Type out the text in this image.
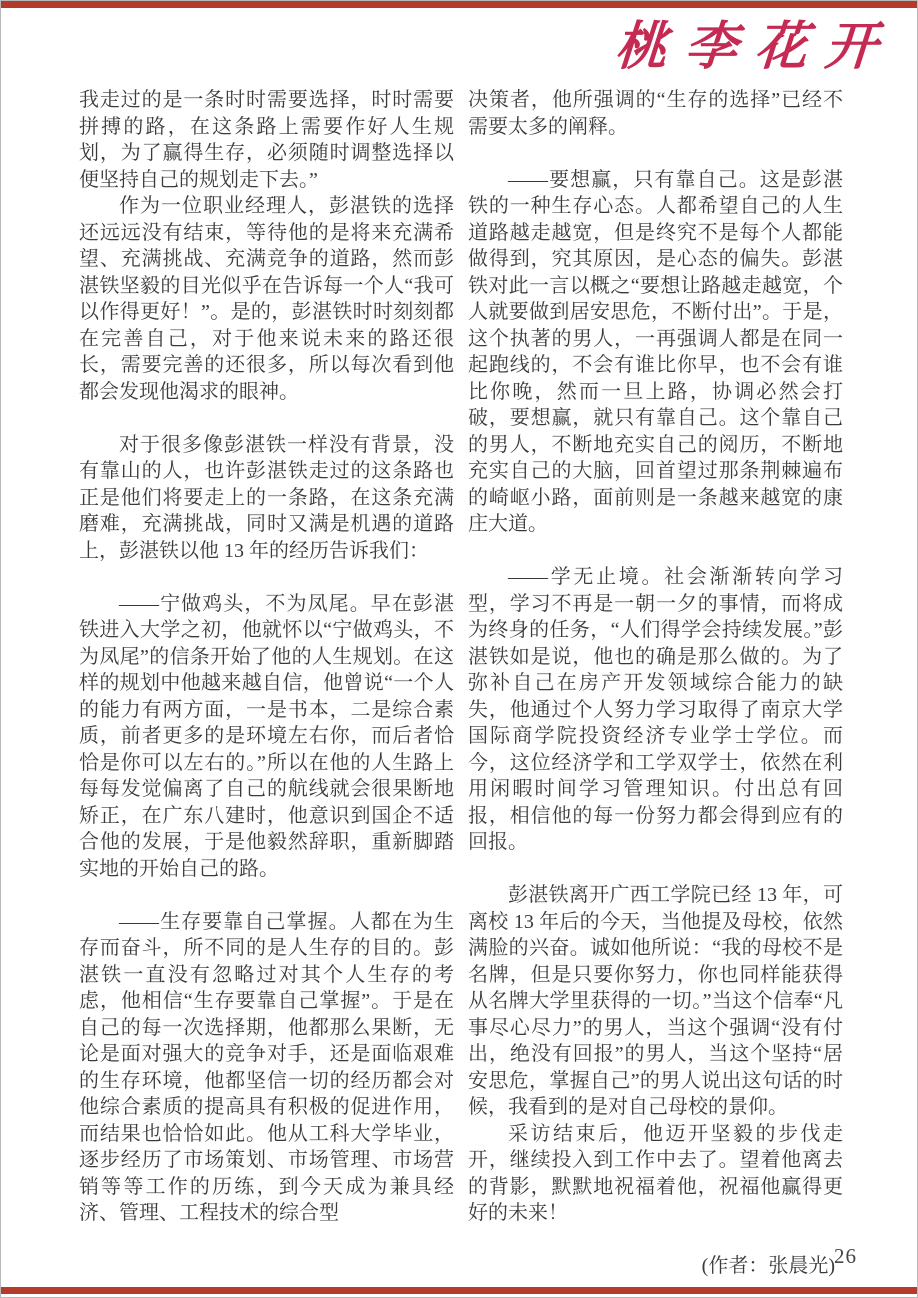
桃李花开

我走过的是一条时时需要选择，时时需要拼搏的路，在这条路上需要作好人生规划，为了赢得生存，必须随时调整选择以便坚持自己的规划走下去。”

作为一位职业经理人，彭湛铁的选择还远远没有结束，等待他的是将来充满希望、充满挑战、充满竞争的道路，然而彭湛铁坚毅的目光似乎在告诉每一个人“我可以作得更好！”。是的，彭湛铁时时刻刻都在完善自己，对于他来说未来的路还很长，需要完善的还很多，所以每次看到他都会发现他渴求的眼神。

对于很多像彭湛铁一样没有背景，没有靠山的人，也许彭湛铁走过的这条路也正是他们将要走上的一条路，在这条充满磨难，充满挑战，同时又满是机遇的道路上，彭湛铁以他 13 年的经历告诉我们：

——宁做鸡头，不为凤尾。早在彭湛铁进入大学之初，他就怀以“宁做鸡头，不为凤尾”的信条开始了他的人生规划。在这样的规划中他越来越自信，他曾说“一个人的能力有两方面，一是书本，二是综合素质，前者更多的是环境左右你，而后者恰恰是你可以左右的。”所以在他的人生路上每每发觉偏离了自己的航线就会很果断地矫正，在广东八建时，他意识到国企不适合他的发展，于是他毅然辞职，重新脚踏实地的开始自己的路。

——生存要靠自己掌握。人都在为生存而奋斗，所不同的是人生存的目的。彭湛铁一直没有忽略过对其个人生存的考虑，他相信“生存要靠自己掌握”。于是在自己的每一次选择期，他都那么果断，无论是面对强大的竞争对手，还是面临艰难的生存环境，他都坚信一切的经历都会对他综合素质的提高具有积极的促进作用，而结果也恰恰如此。他从工科大学毕业，逐步经历了市场策划、市场管理、市场营销等等工作的历练，到今天成为兼具经济、管理、工程技术的综合型

决策者，他所强调的“生存的选择”已经不需要太多的阐释。

——要想赢，只有靠自己。这是彭湛铁的一种生存心态。人都希望自己的人生道路越走越宽，但是终究不是每个人都能做得到，究其原因，是心态的偏失。彭湛铁对此一言以概之“要想让路越走越宽，个人就要做到居安思危，不断付出”。于是，这个执著的男人，一再强调人都是在同一起跑线的，不会有谁比你早，也不会有谁比你晚，然而一旦上路，协调必然会打破，要想赢，就只有靠自己。这个靠自己的男人，不断地充实自己的阅历，不断地充实自己的大脑，回首望过那条荆棘遍布的崎岖小路，面前则是一条越来越宽的康庄大道。

——学无止境。社会渐渐转向学习型，学习不再是一朝一夕的事情，而将成为终身的任务，“人们得学会持续发展。”彭湛铁如是说，他也的确是那么做的。为了弥补自己在房产开发领域综合能力的缺失，他通过个人努力学习取得了南京大学国际商学院投资经济专业学士学位。而今，这位经济学和工学双学士，依然在利用闲暇时间学习管理知识。付出总有回报，相信他的每一份努力都会得到应有的回报。

彭湛铁离开广西工学院已经 13 年，可离校 13 年后的今天，当他提及母校，依然满脸的兴奋。诚如他所说：“我的母校不是名牌，但是只要你努力，你也同样能获得从名牌大学里获得的一切。”当这个信奉“凡事尽心尽力”的男人，当这个强调“没有付出，绝没有回报”的男人，当这个坚持“居安思危，掌握自己”的男人说出这句话的时候，我看到的是对自己母校的景仰。

采访结束后，他迈开坚毅的步伐走开，继续投入到工作中去了。望着他离去的背影，默默地祝福着他，祝福他赢得更好的未来！

(作者：张晨光) 26
